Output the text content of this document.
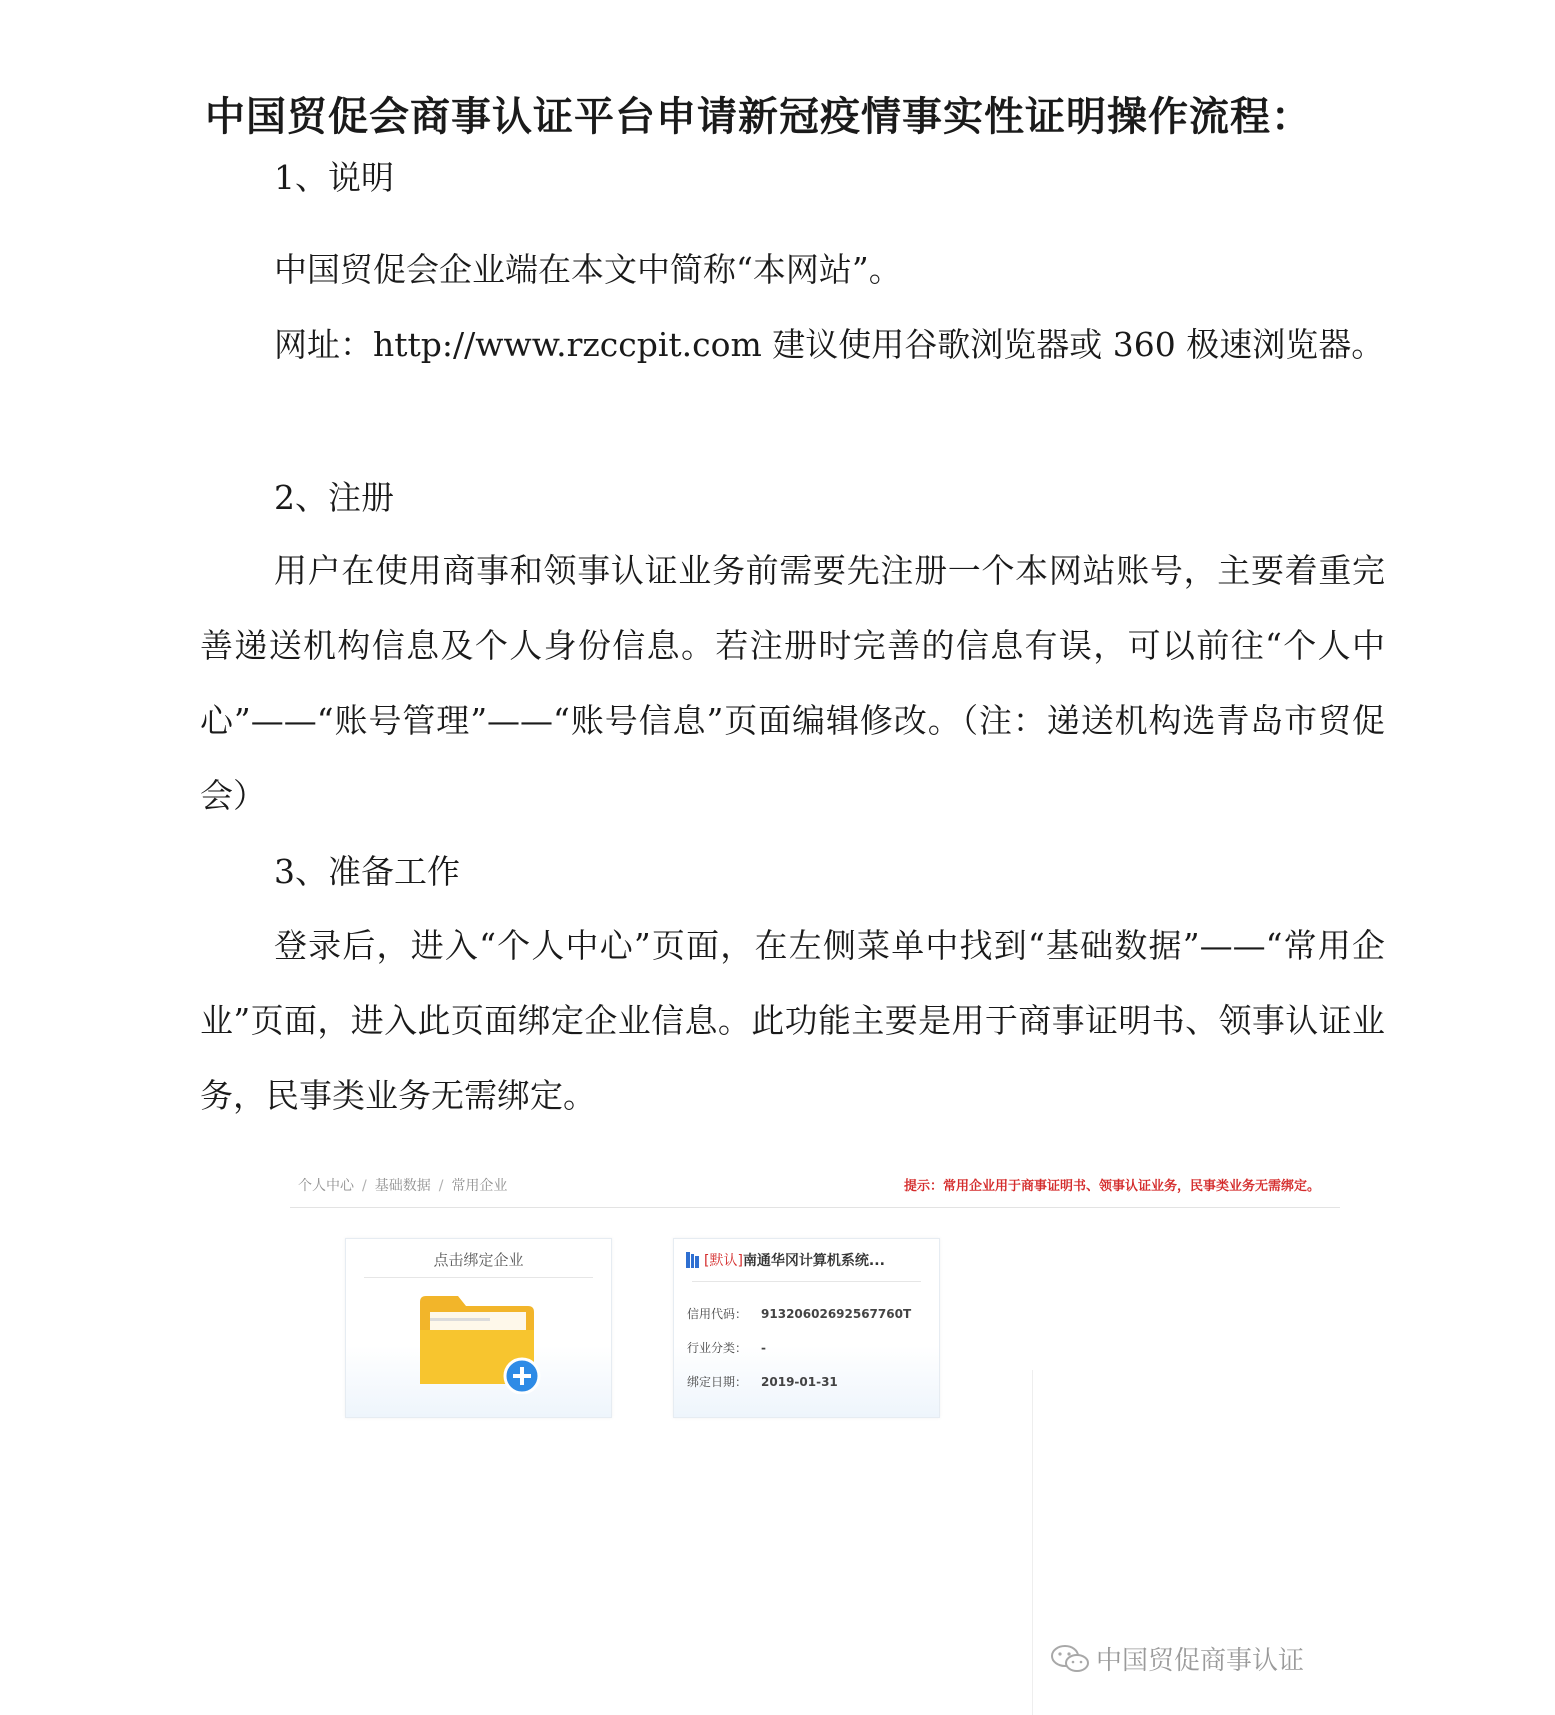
中国贸促会商事认证平台申请新冠疫情事实性证明操作流程：
1、说明
中国贸促会企业端在本文中简称“本网站”。
网址：http://www.rzccpit.com 建议使用谷歌浏览器或 360 极速浏览器。
2、注册
用户在使用商事和领事认证业务前需要先注册一个本网站账号，主要着重完善递送机构信息及个人身份信息。若注册时完善的信息有误，可以前往“个人中心”——“账号管理”——“账号信息”页面编辑修改。（注：递送机构选青岛市贸促会）
3、准备工作
登录后，进入“个人中心”页面，在左侧菜单中找到“基础数据”——“常用企业”页面，进入此页面绑定企业信息。此功能主要是用于商事证明书、领事认证业务，民事类业务无需绑定。
个人中心 / 基础数据 / 常用企业	提示：常用企业用于商事证明书、领事认证业务，民事类业务无需绑定。
点击绑定企业	[默认]南通华冈计算机系统...
信用代码： 91320602692567760T
行业分类： -
绑定日期： 2019-01-31
中国贸促商事认证
